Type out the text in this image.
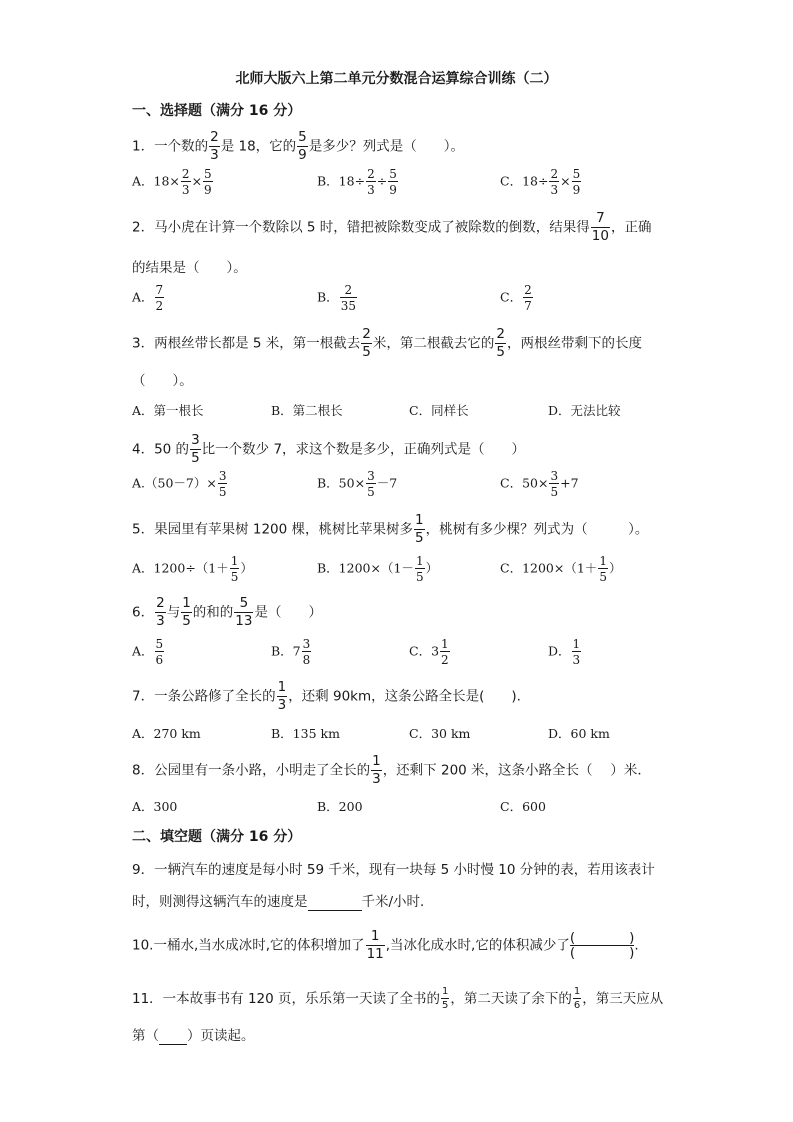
北师大版六上第二单元分数混合运算综合训练（二）
一、选择题（满分 16 分）
1．一个数的 $\frac{2}{3}$ 是 18，它的 $\frac{5}{9}$ 是多少？列式是（　　）。
A．$18\times \frac{2}{3} \times \frac{5}{9}$	B．$18\div \frac{2}{3} \div \frac{5}{9}$	C．$18\div \frac{2}{3} \times \frac{5}{9}$
2．马小虎在计算一个数除以 5 时，错把被除数变成了被除数的倒数，结果得 $\frac{7}{10}$ ，正确
的结果是（　　）。
A． $\frac{7}{2}$	B． $\frac{2}{35}$	C． $\frac{2}{7}$
3．两根丝带长都是 5 米，第一根截去 $\frac{2}{5}$ 米，第二根截去它的 $\frac{2}{5}$ ，两根丝带剩下的长度
（　　）。
A．第一根长	B．第二根长	C．同样长	D．无法比较
4．50 的 $\frac{3}{5}$ 比一个数少 7，求这个数是多少，正确列式是（　　）
$A.(50-7)\times \frac{3}{5}$	B．$50\times \frac{3}{5} -7$	C．$50\times \frac{3}{5} +7$
5．果园里有苹果树 1200 棵，桃树比苹果树多 $\frac{1}{5}$ ，桃树有多少棵？列式为（　　　）。
A．$1200\div(1+ \frac{1}{5}$ ）	B．$1200\times(1- \frac{1}{5}$ ）	C．$1200\times(1+ \frac{1}{5}$ ）
6． $\frac{2}{3}$ 与 $\frac{1}{5}$ 的和的 $\frac{5}{13}$ 是（　　）
A． $\frac{5}{6}$	B．$7 \frac{3}{8}$	C．$3 \frac{1}{2}$	D． $\frac{1}{3}$
7．一条公路修了全长的 $\frac{1}{3}$ ，还剩 90km，这条公路全长是(　　).
A．270 km	B．135 km	C．30 km	D．60 km
8．公园里有一条小路，小明走了全长的 $\frac{1}{3}$ ，还剩下 200 米，这条小路全长（　 ）米．
A．300	B．200	C．600
二、填空题（满分 16 分）
9．一辆汽车的速度是每小时 59 千米，现有一块每 5 小时慢 10 分钟的表，若用该表计
时，则测得这辆汽车的速度是	千米/小时．
10.一桶水,当水成冰时,它的体积增加了 $\frac{1}{11}$ ,当冰化成水时,它的体积减少了 $\frac{( )}{( )}$ .
11．一本故事书有 120 页，乐乐第一天读了全书的 $\frac{1}{5}$ ，第二天读了余下的 $\frac{1}{6}$ ，第三天应从
第（ ）页读起。
